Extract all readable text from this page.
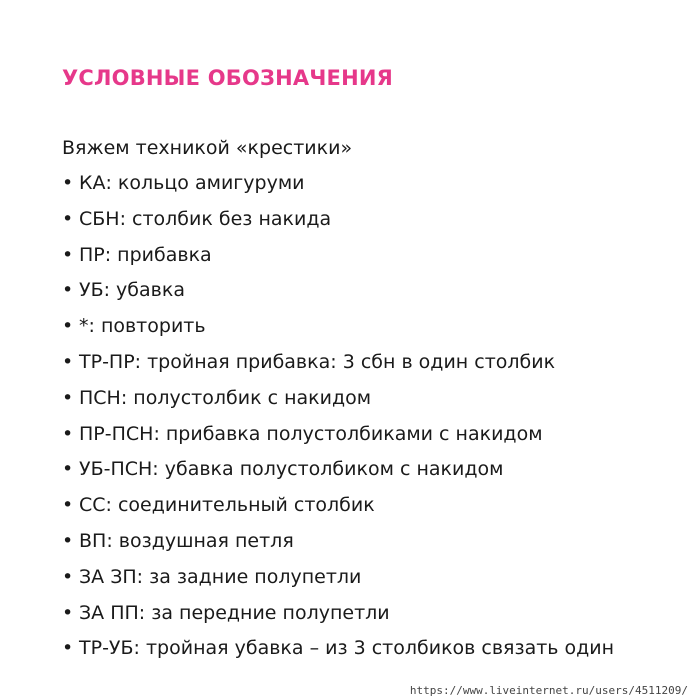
УСЛОВНЫЕ ОБОЗНАЧЕНИЯ
Вяжем техникой «крестики»
• КА: кольцо амигуруми
• СБН: столбик без накида
• ПР: прибавка
• УБ: убавка
• *: повторить
• ТР-ПР: тройная прибавка: 3 сбн в один столбик
• ПСН: полустолбик с накидом
• ПР-ПСН: прибавка полустолбиками с накидом
• УБ-ПСН: убавка полустолбиком с накидом
• СС: соединительный столбик
• ВП: воздушная петля
• ЗА ЗП: за задние полупетли
• ЗА ПП: за передние полупетли
• ТР-УБ: тройная убавка – из 3 столбиков связать один
https://www.liveinternet.ru/users/4511209/
